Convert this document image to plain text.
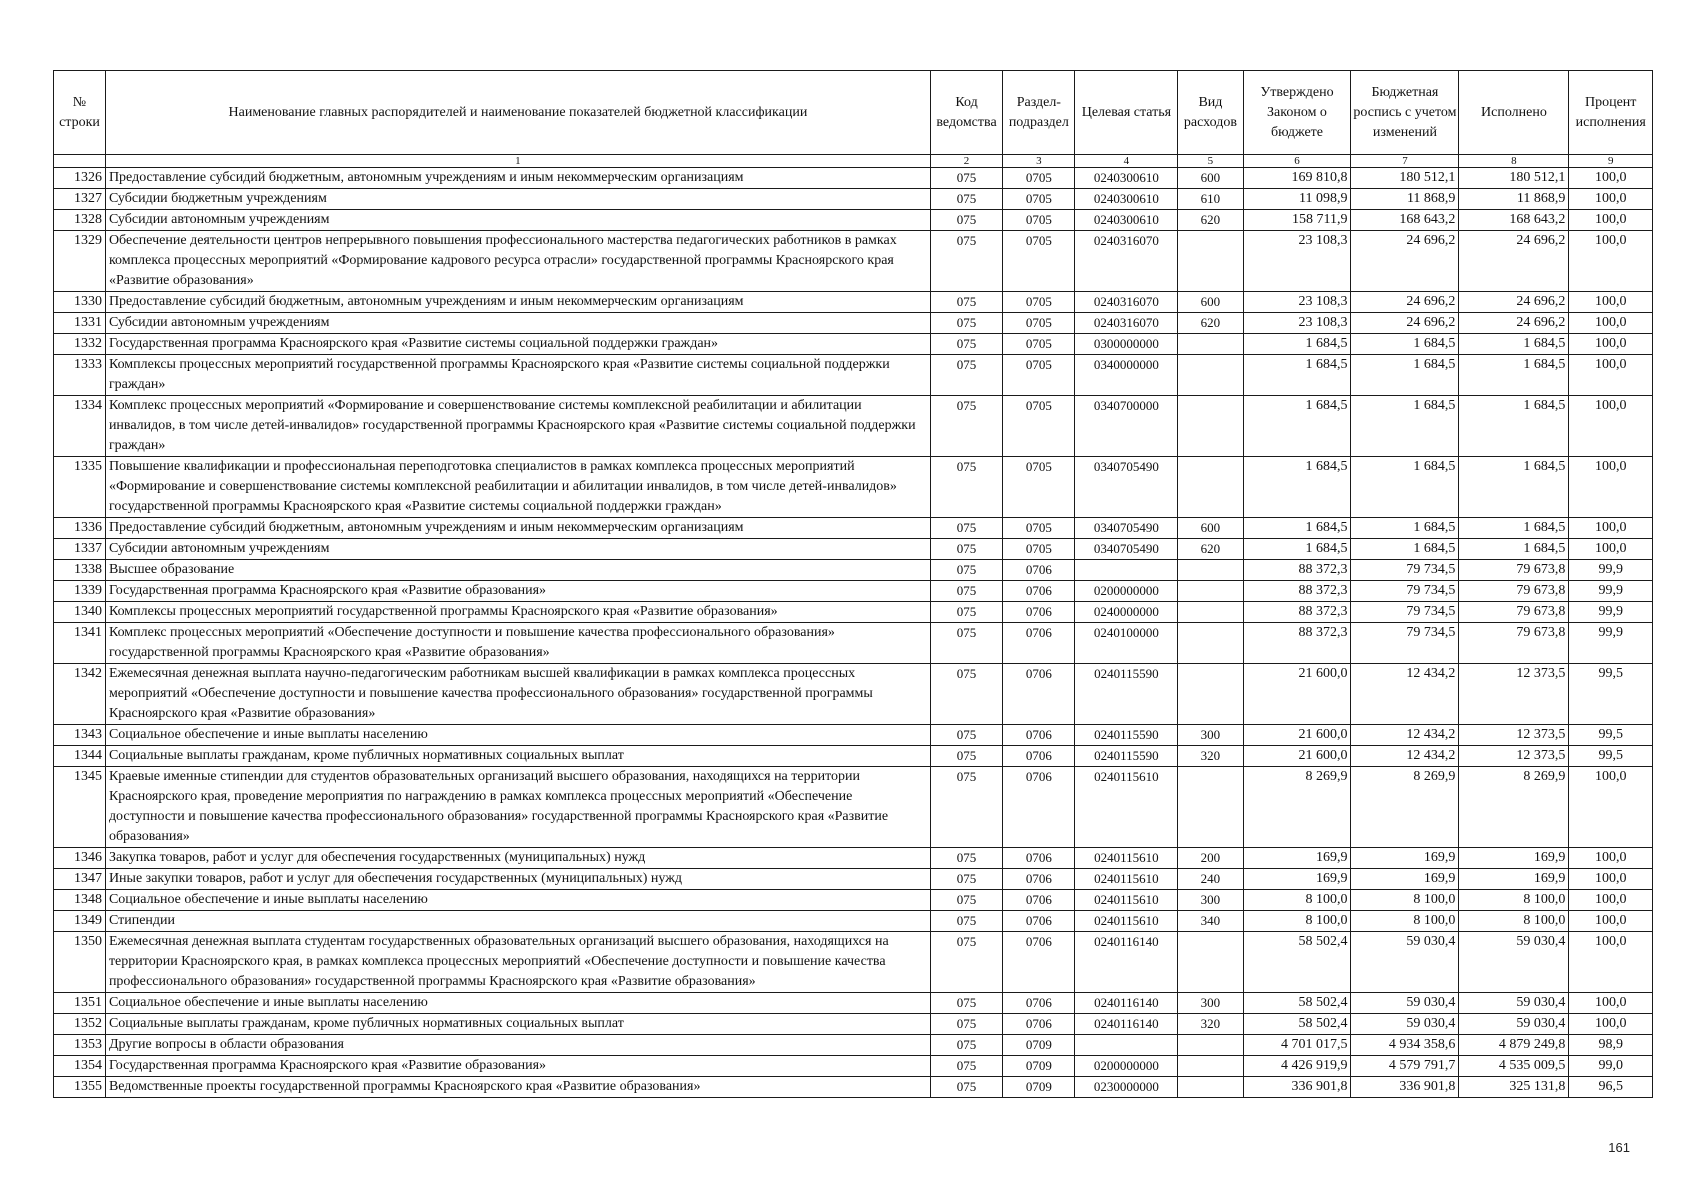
№ строки	Наименование главных распорядителей и наименование показателей бюджетной классификации	Код ведомства	Раздел-подраздел	Целевая статья	Вид расходов	Утверждено Законом о бюджете	Бюджетная роспись с учетом изменений	Исполнено	Процент исполнения
	1	2	3	4	5	6	7	8	9
1326	Предоставление субсидий бюджетным, автономным учреждениям и иным некоммерческим организациям	075	0705	0240300610	600	169 810,8	180 512,1	180 512,1	100,0
1327	Субсидии бюджетным учреждениям	075	0705	0240300610	610	11 098,9	11 868,9	11 868,9	100,0
1328	Субсидии автономным учреждениям	075	0705	0240300610	620	158 711,9	168 643,2	168 643,2	100,0
1329	Обеспечение деятельности центров непрерывного повышения профессионального мастерства педагогических работников в рамках комплекса процессных мероприятий «Формирование кадрового ресурса отрасли» государственной программы Красноярского края «Развитие образования»	075	0705	0240316070		23 108,3	24 696,2	24 696,2	100,0
1330	Предоставление субсидий бюджетным, автономным учреждениям и иным некоммерческим организациям	075	0705	0240316070	600	23 108,3	24 696,2	24 696,2	100,0
1331	Субсидии автономным учреждениям	075	0705	0240316070	620	23 108,3	24 696,2	24 696,2	100,0
1332	Государственная программа Красноярского края «Развитие системы социальной поддержки граждан»	075	0705	0300000000		1 684,5	1 684,5	1 684,5	100,0
1333	Комплексы процессных мероприятий государственной программы Красноярского края «Развитие системы социальной поддержки граждан»	075	0705	0340000000		1 684,5	1 684,5	1 684,5	100,0
1334	Комплекс процессных мероприятий «Формирование и совершенствование системы комплексной реабилитации и абилитации инвалидов, в том числе детей-инвалидов» государственной программы Красноярского края «Развитие системы социальной поддержки граждан»	075	0705	0340700000		1 684,5	1 684,5	1 684,5	100,0
1335	Повышение квалификации и профессиональная переподготовка специалистов в рамках комплекса процессных мероприятий «Формирование и совершенствование системы комплексной реабилитации и абилитации инвалидов, в том числе детей-инвалидов» государственной программы Красноярского края «Развитие системы социальной поддержки граждан»	075	0705	0340705490		1 684,5	1 684,5	1 684,5	100,0
1336	Предоставление субсидий бюджетным, автономным учреждениям и иным некоммерческим организациям	075	0705	0340705490	600	1 684,5	1 684,5	1 684,5	100,0
1337	Субсидии автономным учреждениям	075	0705	0340705490	620	1 684,5	1 684,5	1 684,5	100,0
1338	Высшее образование	075	0706			88 372,3	79 734,5	79 673,8	99,9
1339	Государственная программа Красноярского края «Развитие образования»	075	0706	0200000000		88 372,3	79 734,5	79 673,8	99,9
1340	Комплексы процессных мероприятий государственной программы Красноярского края «Развитие образования»	075	0706	0240000000		88 372,3	79 734,5	79 673,8	99,9
1341	Комплекс процессных мероприятий «Обеспечение доступности и повышение качества профессионального образования» государственной программы Красноярского края «Развитие образования»	075	0706	0240100000		88 372,3	79 734,5	79 673,8	99,9
1342	Ежемесячная денежная выплата научно-педагогическим работникам высшей квалификации в рамках комплекса процессных мероприятий «Обеспечение доступности и повышение качества профессионального образования» государственной программы Красноярского края «Развитие образования»	075	0706	0240115590		21 600,0	12 434,2	12 373,5	99,5
1343	Социальное обеспечение и иные выплаты населению	075	0706	0240115590	300	21 600,0	12 434,2	12 373,5	99,5
1344	Социальные выплаты гражданам, кроме публичных нормативных социальных выплат	075	0706	0240115590	320	21 600,0	12 434,2	12 373,5	99,5
1345	Краевые именные стипендии для студентов образовательных организаций высшего образования, находящихся на территории Красноярского края, проведение мероприятия по награждению в рамках комплекса процессных мероприятий «Обеспечение доступности и повышение качества профессионального образования» государственной программы Красноярского края «Развитие образования»	075	0706	0240115610		8 269,9	8 269,9	8 269,9	100,0
1346	Закупка товаров, работ и услуг для обеспечения государственных (муниципальных) нужд	075	0706	0240115610	200	169,9	169,9	169,9	100,0
1347	Иные закупки товаров, работ и услуг для обеспечения государственных (муниципальных) нужд	075	0706	0240115610	240	169,9	169,9	169,9	100,0
1348	Социальное обеспечение и иные выплаты населению	075	0706	0240115610	300	8 100,0	8 100,0	8 100,0	100,0
1349	Стипендии	075	0706	0240115610	340	8 100,0	8 100,0	8 100,0	100,0
1350	Ежемесячная денежная выплата студентам государственных образовательных организаций высшего образования, находящихся на территории Красноярского края, в рамках комплекса процессных мероприятий «Обеспечение доступности и повышение качества профессионального образования» государственной программы Красноярского края «Развитие образования»	075	0706	0240116140		58 502,4	59 030,4	59 030,4	100,0
1351	Социальное обеспечение и иные выплаты населению	075	0706	0240116140	300	58 502,4	59 030,4	59 030,4	100,0
1352	Социальные выплаты гражданам, кроме публичных нормативных социальных выплат	075	0706	0240116140	320	58 502,4	59 030,4	59 030,4	100,0
1353	Другие вопросы в области образования	075	0709			4 701 017,5	4 934 358,6	4 879 249,8	98,9
1354	Государственная программа Красноярского края «Развитие образования»	075	0709	0200000000		4 426 919,9	4 579 791,7	4 535 009,5	99,0
1355	Ведомственные проекты государственной программы Красноярского края «Развитие образования»	075	0709	0230000000		336 901,8	336 901,8	325 131,8	96,5
161
